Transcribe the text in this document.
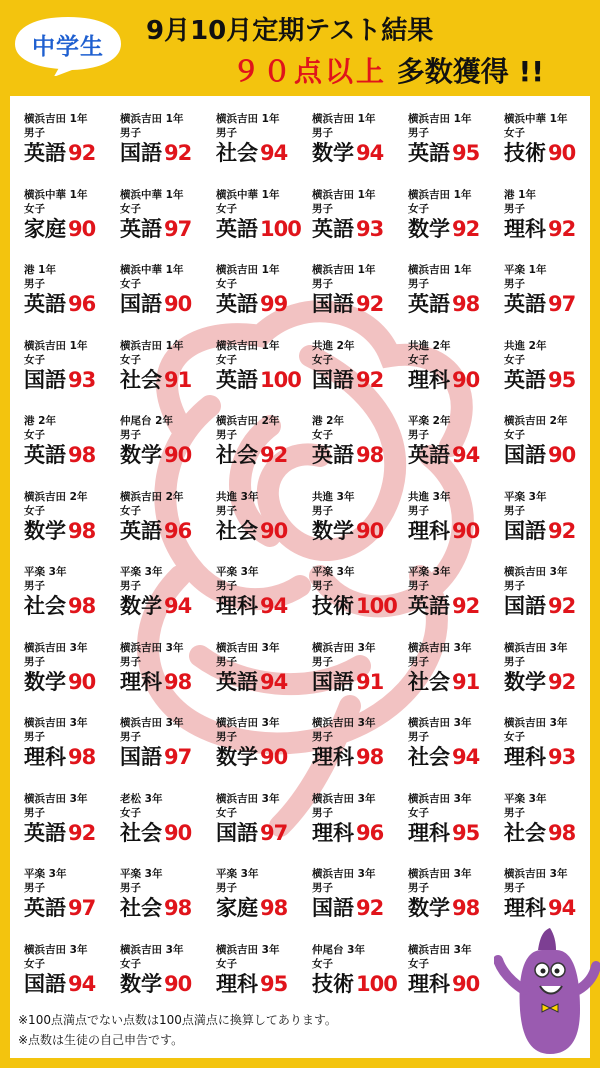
中学生
9月10月定期テスト結果
９０点以上 多数獲得 !!
横浜吉田 1年
男子
英語92
横浜吉田 1年
男子
国語92
横浜吉田 1年
男子
社会94
横浜吉田 1年
男子
数学94
横浜吉田 1年
男子
英語95
横浜中華 1年
女子
技術90
横浜中華 1年
女子
家庭90
横浜中華 1年
女子
英語97
横浜中華 1年
女子
英語100
横浜吉田 1年
男子
英語93
横浜吉田 1年
女子
数学92
港 1年
男子
理科92
港 1年
男子
英語96
横浜中華 1年
女子
国語90
横浜吉田 1年
女子
英語99
横浜吉田 1年
男子
国語92
横浜吉田 1年
男子
英語98
平楽 1年
男子
英語97
横浜吉田 1年
女子
国語93
横浜吉田 1年
女子
社会91
横浜吉田 1年
女子
英語100
共進 2年
女子
国語92
共進 2年
女子
理科90
共進 2年
女子
英語95
港 2年
女子
英語98
仲尾台 2年
男子
数学90
横浜吉田 2年
男子
社会92
港 2年
女子
英語98
平楽 2年
男子
英語94
横浜吉田 2年
女子
国語90
横浜吉田 2年
女子
数学98
横浜吉田 2年
女子
英語96
共進 3年
男子
社会90
共進 3年
男子
数学90
共進 3年
男子
理科90
平楽 3年
男子
国語92
平楽 3年
男子
社会98
平楽 3年
男子
数学94
平楽 3年
男子
理科94
平楽 3年
男子
技術100
平楽 3年
男子
英語92
横浜吉田 3年
男子
国語92
横浜吉田 3年
男子
数学90
横浜吉田 3年
男子
理科98
横浜吉田 3年
男子
英語94
横浜吉田 3年
男子
国語91
横浜吉田 3年
男子
社会91
横浜吉田 3年
男子
数学92
横浜吉田 3年
男子
理科98
横浜吉田 3年
男子
国語97
横浜吉田 3年
男子
数学90
横浜吉田 3年
男子
理科98
横浜吉田 3年
男子
社会94
横浜吉田 3年
女子
理科93
横浜吉田 3年
男子
英語92
老松 3年
女子
社会90
横浜吉田 3年
女子
国語97
横浜吉田 3年
男子
理科96
横浜吉田 3年
女子
理科95
平楽 3年
男子
社会98
平楽 3年
男子
英語97
平楽 3年
男子
社会98
平楽 3年
男子
家庭98
横浜吉田 3年
男子
国語92
横浜吉田 3年
男子
数学98
横浜吉田 3年
男子
理科94
横浜吉田 3年
女子
国語94
横浜吉田 3年
女子
数学90
横浜吉田 3年
女子
理科95
仲尾台 3年
女子
技術100
横浜吉田 3年
女子
理科90
※100点満点でない点数は100点満点に換算してあります。
※点数は生徒の自己申告です。
